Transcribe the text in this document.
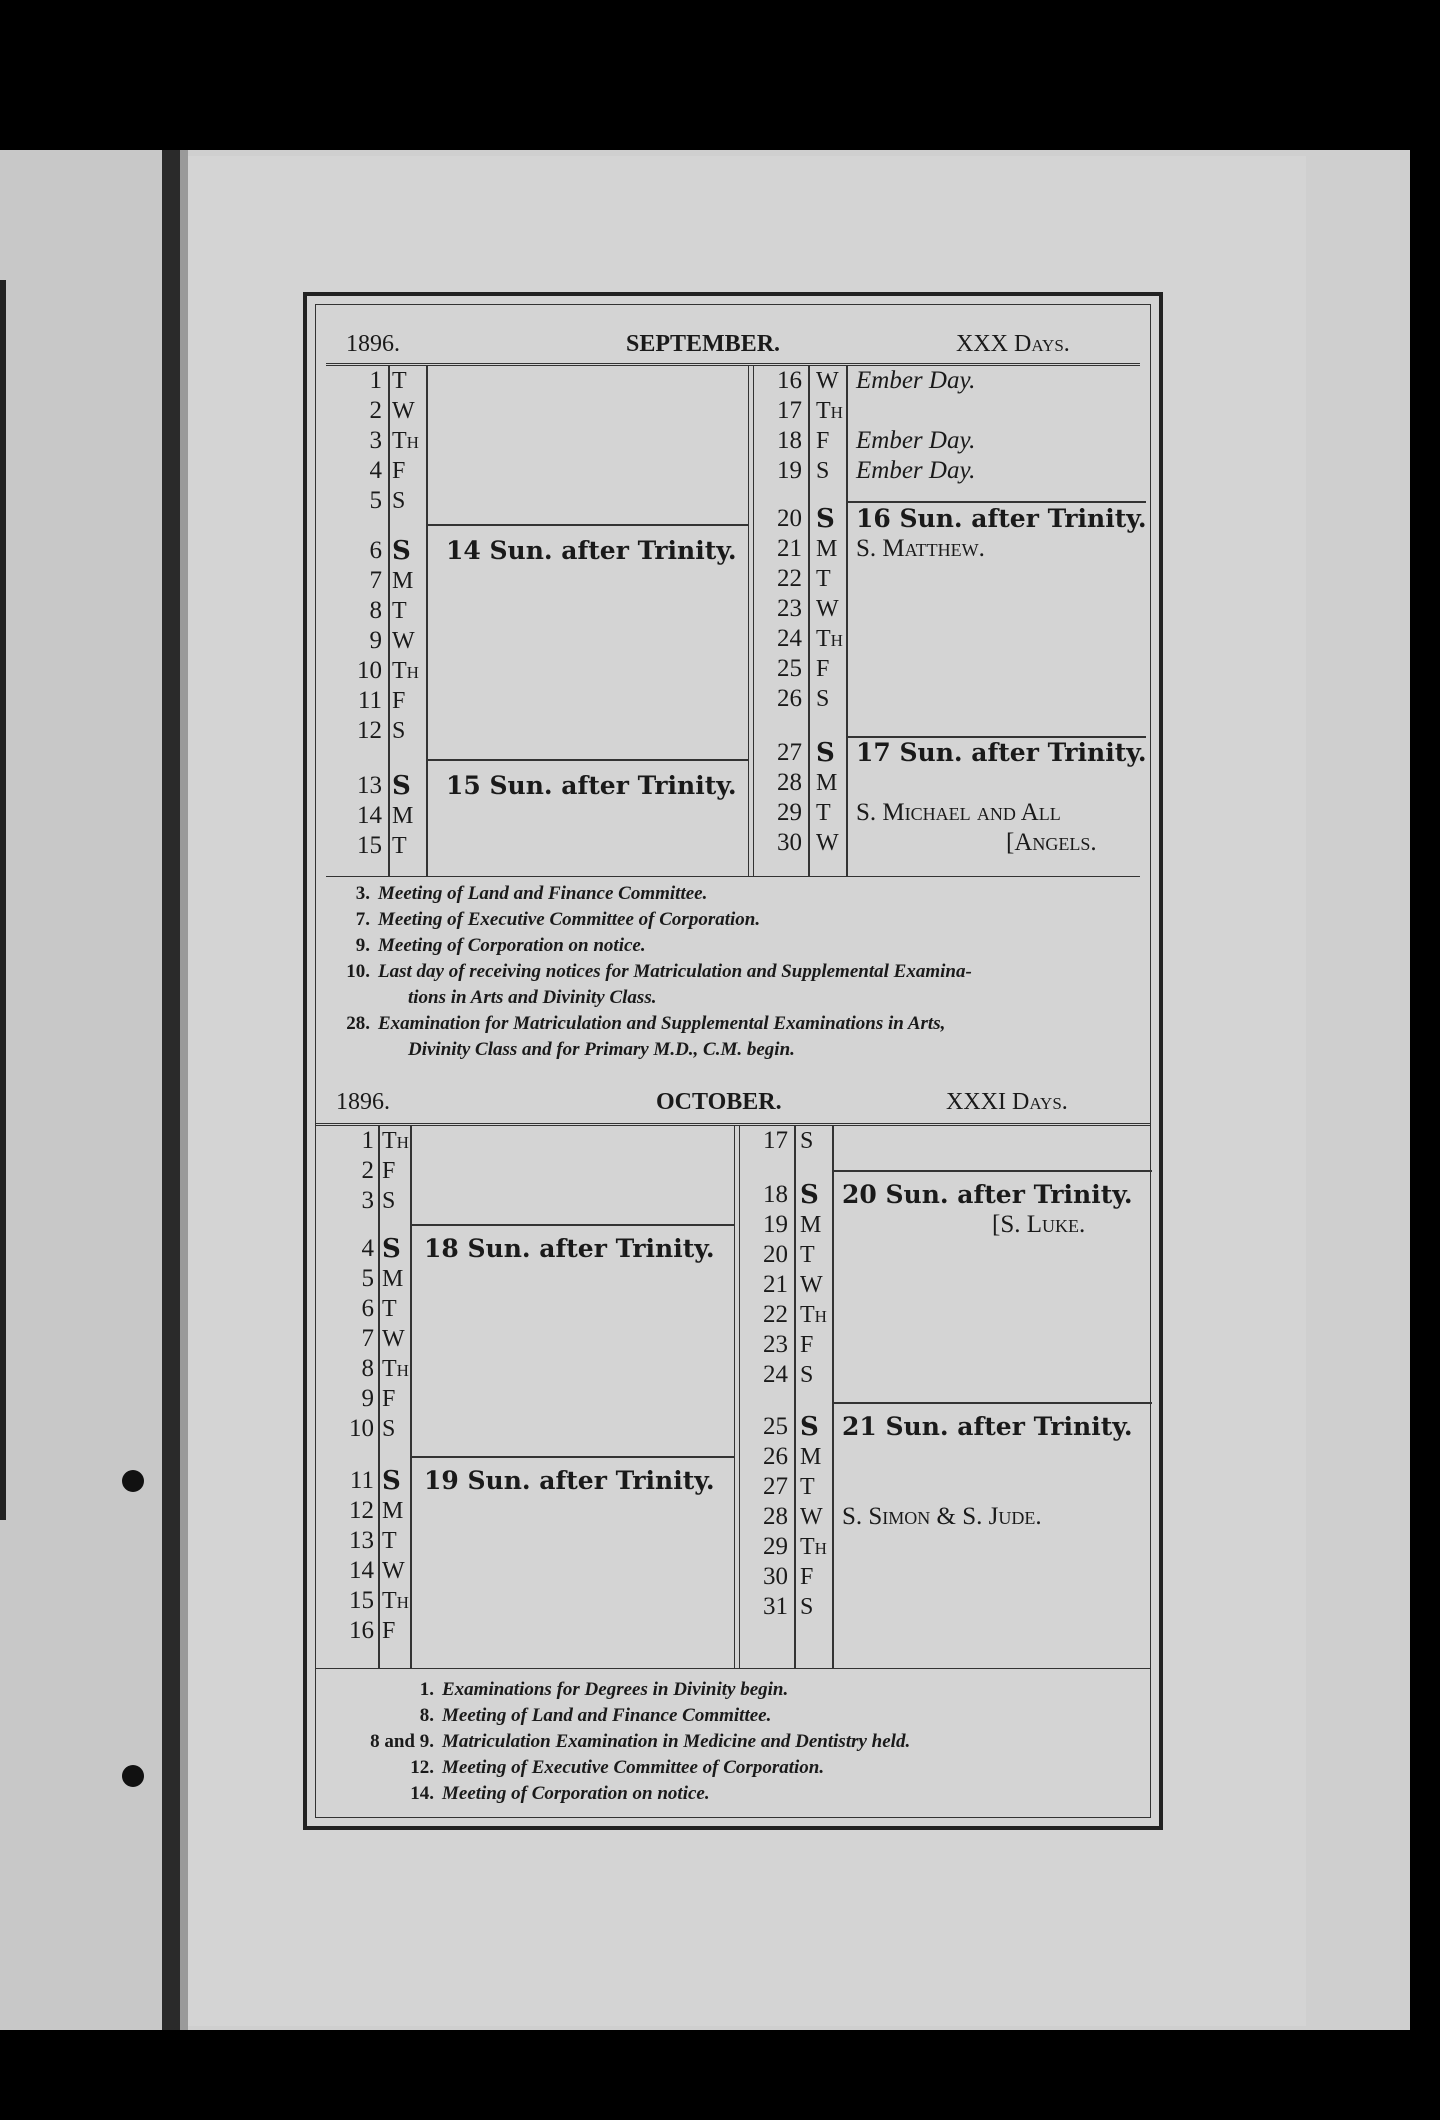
1896.	SEPTEMBER.	XXX Days.
1 T
2 W
3 TH
4 F
5 S
6 S 14 Sun. after Trinity.
7 M
8 T
9 W
10 TH
11 F
12 S
13 S 15 Sun. after Trinity.
14 M
15 T
16 W Ember Day.
17 TH
18 F Ember Day.
19 S Ember Day.
20 S 16 Sun. after Trinity.
21 M S. Matthew.
22 T
23 W
24 TH
25 F
26 S
27 S 17 Sun. after Trinity.
28 M
29 T S. Michael and All
30 W	[Angels.
3. Meeting of Land and Finance Committee.
7. Meeting of Executive Committee of Corporation.
9. Meeting of Corporation on notice.
10. Last day of receiving notices for Matriculation and Supplemental Examina-
tions in Arts and Divinity Class.
28. Examination for Matriculation and Supplemental Examinations in Arts,
Divinity Class and for Primary M.D., C.M. begin.
1896.	OCTOBER.	XXXI Days.
1 TH
2 F
3 S
4 S 18 Sun. after Trinity.
5 M
6 T
7 W
8 TH
9 F
10 S
11 S 19 Sun. after Trinity.
12 M
13 T
14 W
15 TH
16 F
17 S
18 S 20 Sun. after Trinity.
19 M	[S. Luke.
20 T
21 W
22 TH
23 F
24 S
25 S 21 Sun. after Trinity.
26 M
27 T
28 W S. Simon & S. Jude.
29 TH
30 F
31 S
1. Examinations for Degrees in Divinity begin.
8. Meeting of Land and Finance Committee.
8 and 9. Matriculation Examination in Medicine and Dentistry held.
12. Meeting of Executive Committee of Corporation.
14. Meeting of Corporation on notice.
